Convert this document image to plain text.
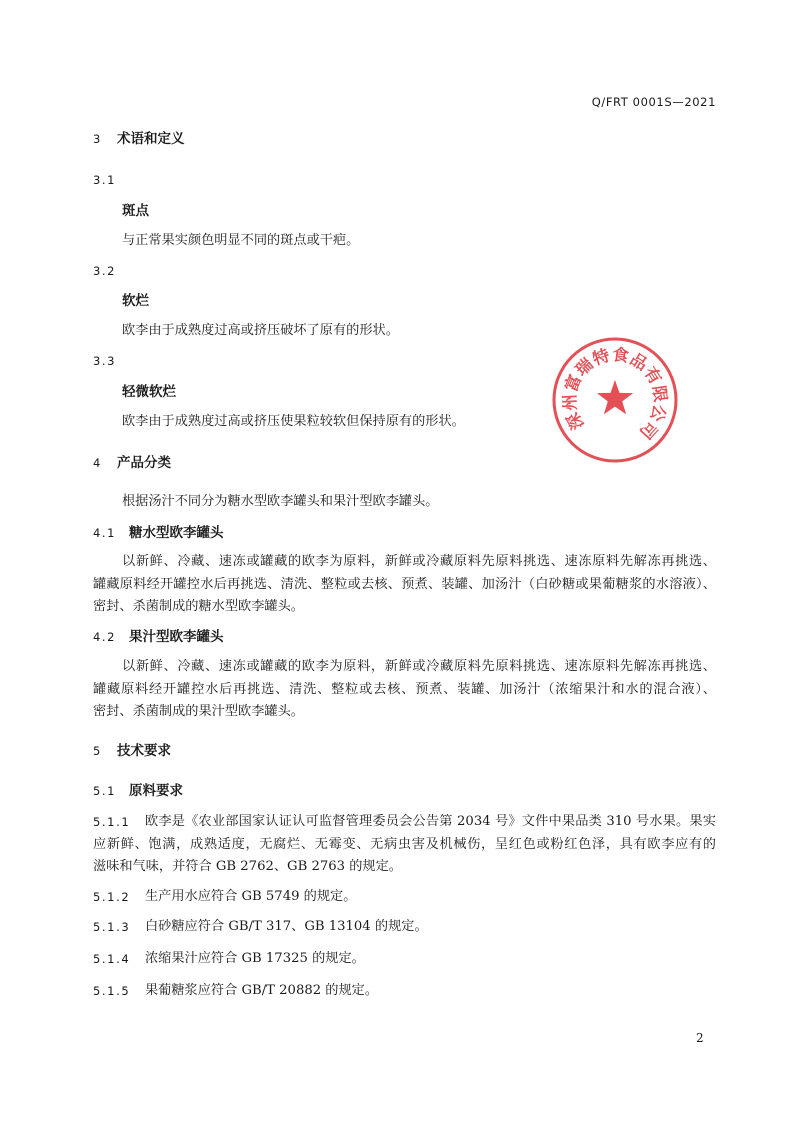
Q/FRT 0001S—2021
3 术语和定义
3.1
斑点
与正常果实颜色明显不同的斑点或干疤。
3.2
软烂
欧李由于成熟度过高或挤压破坏了原有的形状。
3.3
轻微软烂
欧李由于成熟度过高或挤压使果粒较软但保持原有的形状。
4 产品分类
根据汤汁不同分为糖水型欧李罐头和果汁型欧李罐头。
4.1 糖水型欧李罐头
以新鲜、冷藏、速冻或罐藏的欧李为原料，新鲜或冷藏原料先原料挑选、速冻原料先解冻再挑选、
罐藏原料经开罐控水后再挑选、清洗、整粒或去核、预煮、装罐、加汤汁（白砂糖或果葡糖浆的水溶液）、
密封、杀菌制成的糖水型欧李罐头。
4.2 果汁型欧李罐头
以新鲜、冷藏、速冻或罐藏的欧李为原料，新鲜或冷藏原料先原料挑选、速冻原料先解冻再挑选、
罐藏原料经开罐控水后再挑选、清洗、整粒或去核、预煮、装罐、加汤汁（浓缩果汁和水的混合液）、
密封、杀菌制成的果汁型欧李罐头。
5 技术要求
5.1 原料要求
5.1.1 欧李是《农业部国家认证认可监督管理委员会公告第 2034 号》文件中果品类 310 号水果。果实
应新鲜、饱满，成熟适度，无腐烂、无霉变、无病虫害及机械伤，呈红色或粉红色泽，具有欧李应有的
滋味和气味，并符合 GB 2762、GB 2763 的规定。
5.1.2 生产用水应符合 GB 5749 的规定。
5.1.3 白砂糖应符合 GB/T 317、GB 13104 的规定。
5.1.4 浓缩果汁应符合 GB 17325 的规定。
5.1.5 果葡糖浆应符合 GB/T 20882 的规定。
2
深
州
富
瑞
特 食
品
有
限
公
司
